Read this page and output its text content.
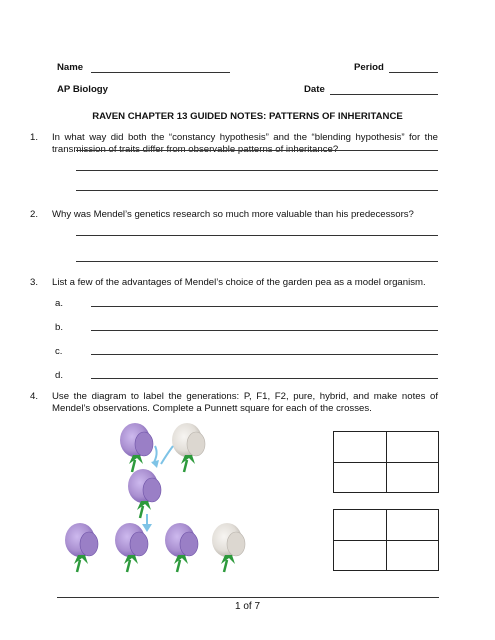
Name	Period
AP Biology	Date
RAVEN CHAPTER 13 GUIDED NOTES: PATTERNS OF INHERITANCE
1. In what way did both the “constancy hypothesis” and the “blending hypothesis” for the transmission of traits differ from observable patterns of inheritance?
2. Why was Mendel’s genetics research so much more valuable than his predecessors?
3. List a few of the advantages of Mendel’s choice of the garden pea as a model organism.
a.
b.
c.
d.
4. Use the diagram to label the generations: P, F1, F2, pure, hybrid, and make notes of Mendel’s observations. Complete a Punnett square for each of the crosses.
1 of 7
